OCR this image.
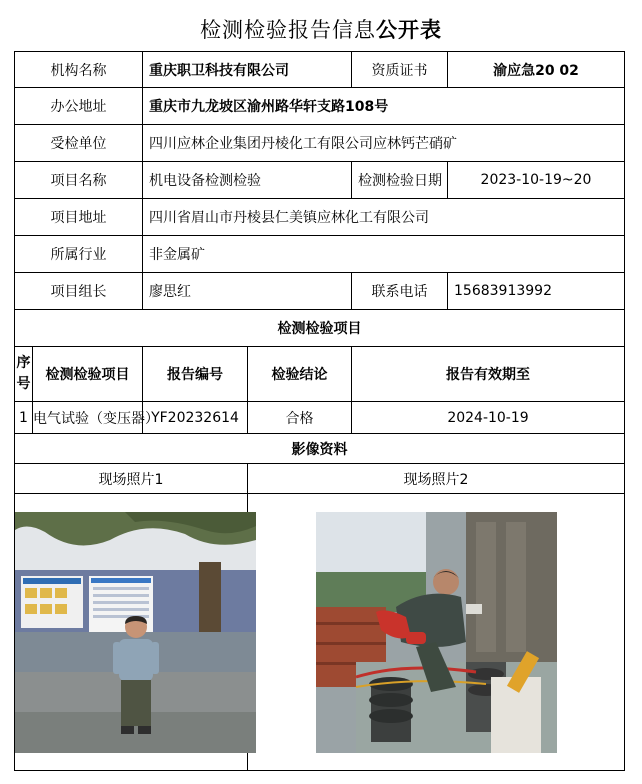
检测检验报告信息公开表
机构名称		重庆职卫科技有限公司		资质证书	渝应急20 02
办公地址		重庆市九龙坡区渝州路华轩支路108号			
受检单位		四川应林企业集团丹棱化工有限公司应林钙芒硝矿			
项目名称		机电设备检测检验		检测检验日期	2023-10-19~20
项目地址		四川省眉山市丹棱县仁美镇应林化工有限公司			
所属行业		非金属矿			
项目组长		廖思红		联系电话	15683913992
检测检验项目					

序
号	检测检验项目	报告编号	检验结论	报告有效期至	
1	电气试验（变压器）	YF20232614	合格	2024-10-19	
影像资料					
现场照片1			现场照片2		
